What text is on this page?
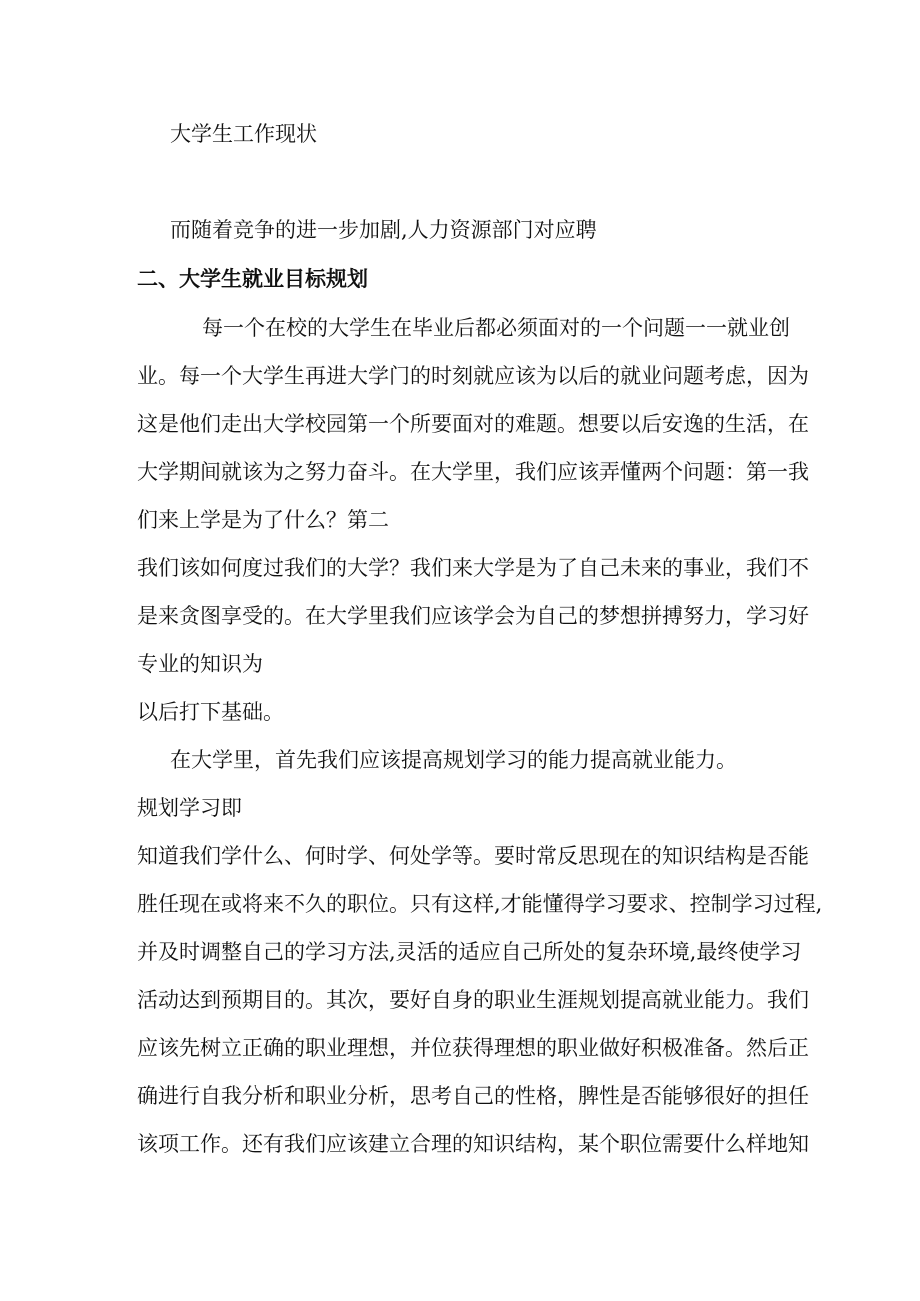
大学生工作现状

而随着竞争的进一步加剧,人力资源部门对应聘

二、大学生就业目标规划

每一个在校的大学生在毕业后都必须面对的一个问题一一就业创

业。每一个大学生再进大学门的时刻就应该为以后的就业问题考虑，因为

这是他们走出大学校园第一个所要面对的难题。想要以后安逸的生活，在

大学期间就该为之努力奋斗。在大学里，我们应该弄懂两个问题：第一我

们来上学是为了什么？第二

我们该如何度过我们的大学？我们来大学是为了自己未来的事业，我们不

是来贪图享受的。在大学里我们应该学会为自己的梦想拼搏努力，学习好

专业的知识为

以后打下基础。

在大学里，首先我们应该提高规划学习的能力提高就业能力。

规划学习即

知道我们学什么、何时学、何处学等。要时常反思现在的知识结构是否能

胜任现在或将来不久的职位。只有这样,才能懂得学习要求、控制学习过程,

并及时调整自己的学习方法,灵活的适应自己所处的复杂环境,最终使学习

活动达到预期目的。其次，要好自身的职业生涯规划提高就业能力。我们

应该先树立正确的职业理想，并位获得理想的职业做好积极准备。然后正

确进行自我分析和职业分析，思考自己的性格，脾性是否能够很好的担任

该项工作。还有我们应该建立合理的知识结构，某个职位需要什么样地知
